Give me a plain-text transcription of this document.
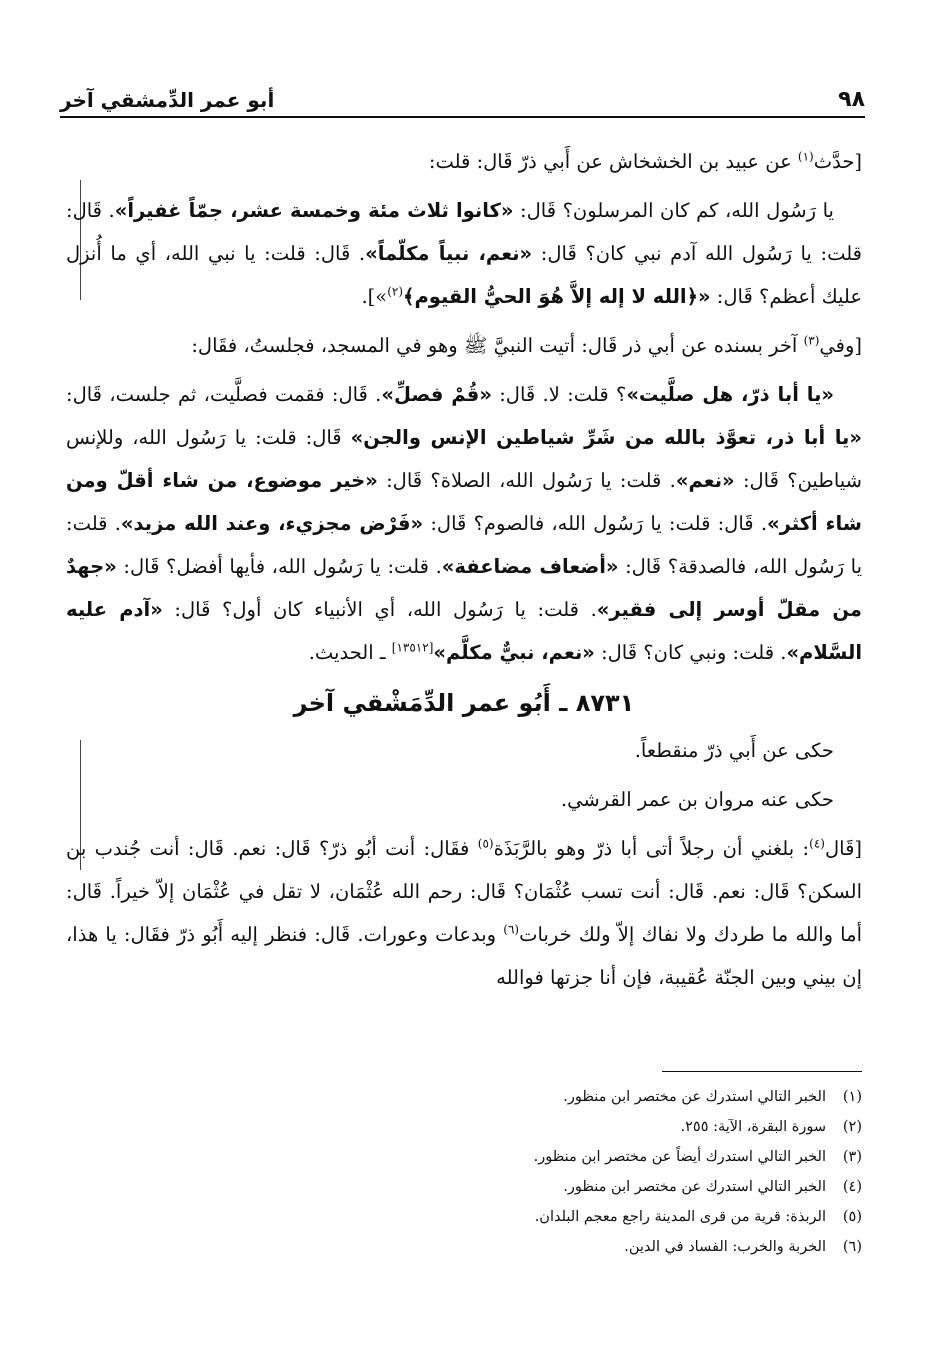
٩٨
أبو عمر الدِّمشقي آخر

[حدَّث$^{(١)}$ عن عبيد بن الخشخاش عن أَبي ذرّ قَال: قلت:

يا رَسُول الله، كم كان المرسلون؟ قَال: «كانوا ثلاث مئة وخمسة عشر، جمّاً غفيراً». قَال: قلت: يا رَسُول الله آدم نبي كان؟ قَال: «نعم، نبياً مكلّماً». قَال: قلت: يا نبي الله، أي ما أُنزل عليك أعظم؟ قَال: «﴿الله لا إله إلاَّ هُوَ الحيُّ القيوم﴾$^{(٢)}$»].

[وفي$^{(٣)}$ آخر بسنده عن أبي ذر قَال: أتيت النبيَّ ﷺ وهو في المسجد، فجلستُ، فقَال:

«يا أبا ذرّ، هل صلَّيت»؟ قلت: لا. قَال: «قُمْ فصلِّ». قَال: فقمت فصلَّيت، ثم جلست، قَال: «يا أبا ذر، تعوَّذ بالله من شَرِّ شياطين الإنس والجن» قَال: قلت: يا رَسُول الله، وللإنس شياطين؟ قَال: «نعم». قلت: يا رَسُول الله، الصلاة؟ قَال: «خير موضوع، من شاء أقلّ ومن شاء أكثر». قَال: قلت: يا رَسُول الله، فالصوم؟ قَال: «فَرْض مجزيء، وعند الله مزيد». قلت: يا رَسُول الله، فالصدقة؟ قَال: «أضعاف مضاعفة». قلت: يا رَسُول الله، فأيها أفضل؟ قَال: «جهدٌ من مقلّ أوسر إلى فقير». قلت: يا رَسُول الله، أي الأنبياء كان أول؟ قَال: «آدم عليه السَّلام». قلت: ونبي كان؟ قَال: «نعم، نبيٌّ مكلَّم»[١٣٥١٢] ـ الحديث.

٨٧٣١ ـ أَبُو عمر الدِّمَشْقي آخر

حكى عن أَبي ذرّ منقطعاً.

حكى عنه مروان بن عمر القرشي.

[قَال$^{(٤)}$: بلغني أن رجلاً أتى أبا ذرّ وهو بالرَّبَذَة$^{(٥)}$ فقَال: أنت أبُو ذرّ؟ قَال: نعم. قَال: أنت جُندب بن السكن؟ قَال: نعم. قَال: أنت تسب عُثْمَان؟ قَال: رحم الله عُثْمَان، لا تقل في عُثْمَان إلاّ خيراً. قَال: أما والله ما طردك ولا نفاك إلاّ ولك خربات$^{(٦)}$ وبدعات وعورات. قَال: فنظر إليه أَبُو ذرّ فقَال: يا هذا، إن بيني وبين الجنّة عُقيبة، فإن أنا جزتها فوالله

(١)
الخبر التالي استدرك عن مختصر ابن منظور.
(٢)
سورة البقرة، الآية: ٢٥٥.
(٣)
الخبر التالي استدرك أيضاً عن مختصر ابن منظور.
(٤)
الخبر التالي استدرك عن مختصر ابن منظور.
(٥)
الربذة: قرية من قرى المدينة راجع معجم البلدان.
(٦)
الخربة والخرب: الفساد في الدين.
